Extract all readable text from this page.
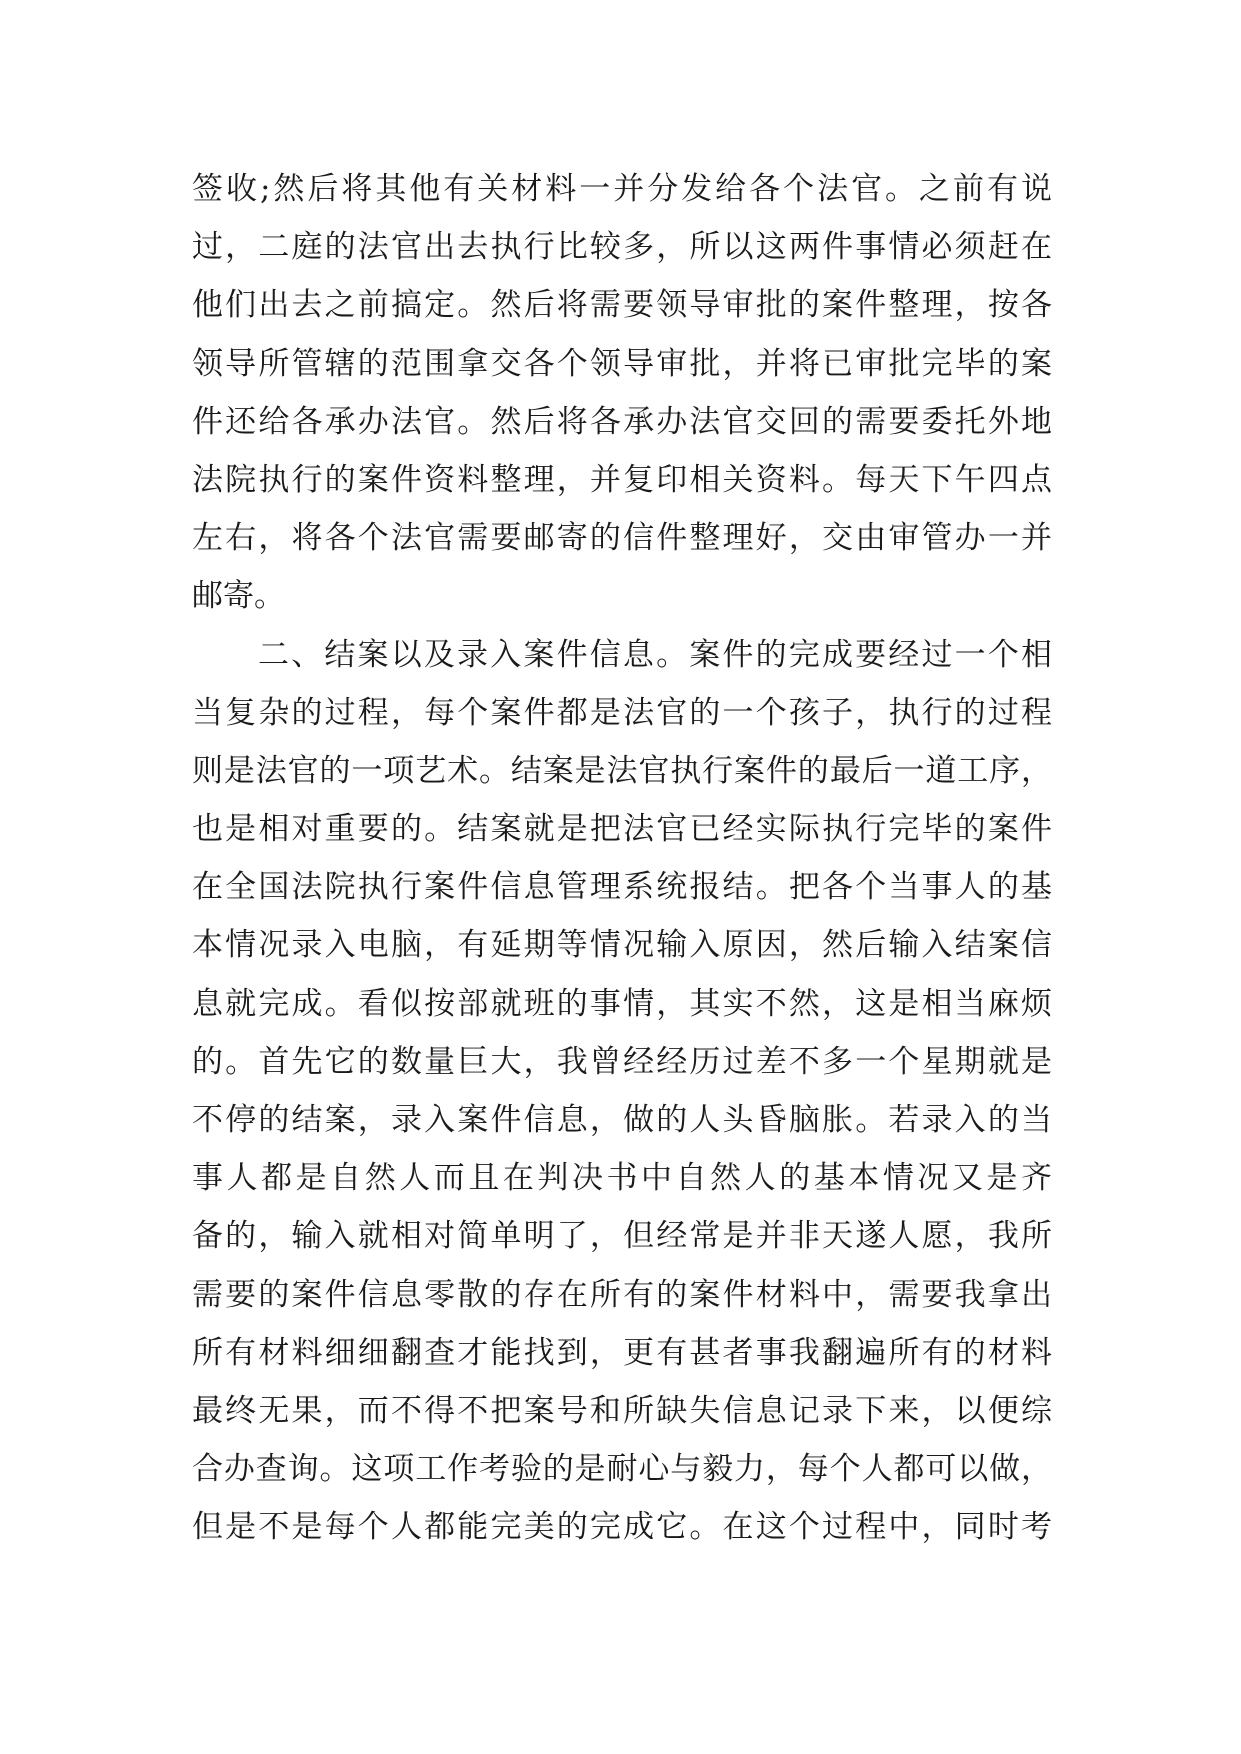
签收;然后将其他有关材料一并分发给各个法官。之前有说
过，二庭的法官出去执行比较多，所以这两件事情必须赶在
他们出去之前搞定。然后将需要领导审批的案件整理，按各
领导所管辖的范围拿交各个领导审批，并将已审批完毕的案
件还给各承办法官。然后将各承办法官交回的需要委托外地
法院执行的案件资料整理，并复印相关资料。每天下午四点
左右，将各个法官需要邮寄的信件整理好，交由审管办一并
邮寄。
二、结案以及录入案件信息。案件的完成要经过一个相
当复杂的过程，每个案件都是法官的一个孩子，执行的过程
则是法官的一项艺术。结案是法官执行案件的最后一道工序，
也是相对重要的。结案就是把法官已经实际执行完毕的案件
在全国法院执行案件信息管理系统报结。把各个当事人的基
本情况录入电脑，有延期等情况输入原因，然后输入结案信
息就完成。看似按部就班的事情，其实不然，这是相当麻烦
的。首先它的数量巨大，我曾经经历过差不多一个星期就是
不停的结案，录入案件信息，做的人头昏脑胀。若录入的当
事人都是自然人而且在判决书中自然人的基本情况又是齐
备的，输入就相对简单明了，但经常是并非天遂人愿，我所
需要的案件信息零散的存在所有的案件材料中，需要我拿出
所有材料细细翻查才能找到，更有甚者事我翻遍所有的材料
最终无果，而不得不把案号和所缺失信息记录下来，以便综
合办查询。这项工作考验的是耐心与毅力，每个人都可以做，
但是不是每个人都能完美的完成它。在这个过程中，同时考
